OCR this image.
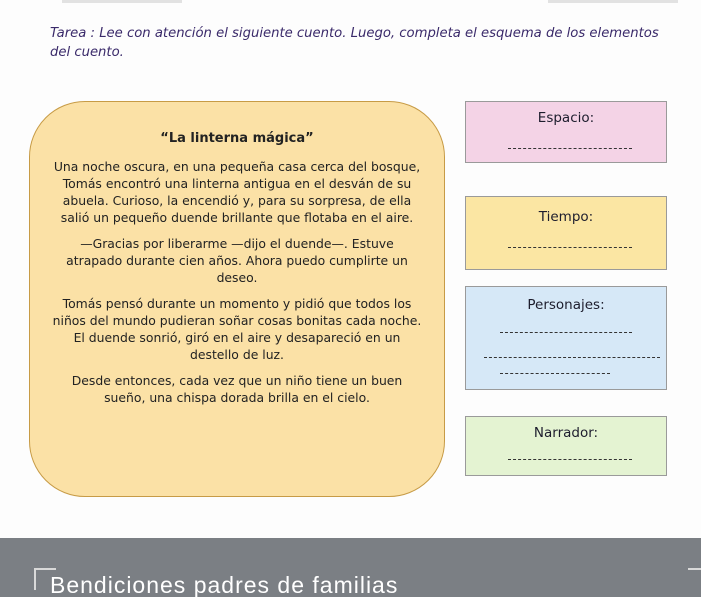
Tarea : Lee con atención el siguiente cuento. Luego, completa el esquema de los elementos del cuento.

“La linterna mágica”

Una noche oscura, en una pequeña casa cerca del bosque, Tomás encontró una linterna antigua en el desván de su abuela. Curioso, la encendió y, para su sorpresa, de ella salió un pequeño duende brillante que flotaba en el aire.

—Gracias por liberarme —dijo el duende—. Estuve atrapado durante cien años. Ahora puedo cumplirte un deseo.

Tomás pensó durante un momento y pidió que todos los niños del mundo pudieran soñar cosas bonitas cada noche. El duende sonrió, giró en el aire y desapareció en un destello de luz.

Desde entonces, cada vez que un niño tiene un buen sueño, una chispa dorada brilla en el cielo.

Espacio:
Tiempo:
Personajes:
Narrador:
Bendiciones padres de familias
